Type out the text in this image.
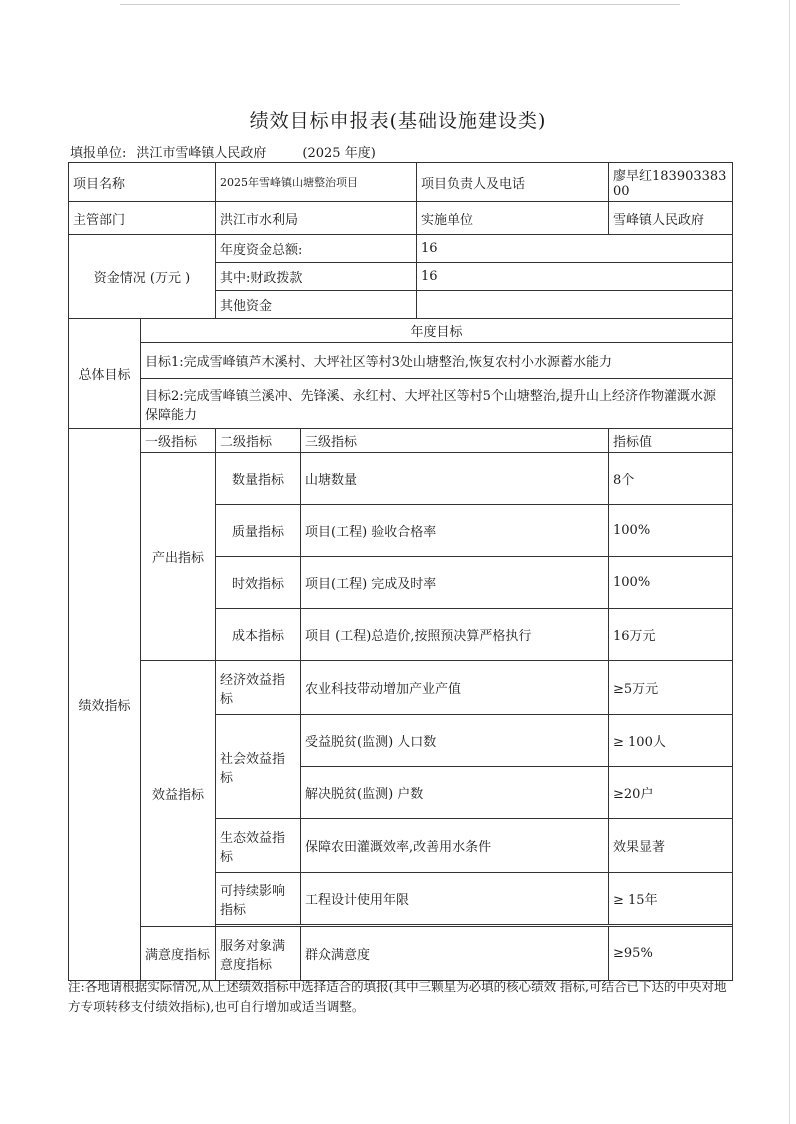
绩效目标申报表(基础设施建设类)
填报单位: 洪江市雪峰镇人民政府	(2025 年度)
项目名称		2025年雪峰镇山塘整治项目		项目负责人及电话	廖早红18390338300
主管部门		洪江市水利局		实施单位	雪峰镇人民政府
资金情况 (万元 )		年度资金总额:		16	
		其中:财政拨款		16	
		其他资金			
总体目标	年度目标				
	目标1:完成雪峰镇芦木溪村、大坪社区等村3处山塘整治,恢复农村小水源蓄水能力				
	目标2:完成雪峰镇兰溪冲、先锋溪、永红村、大坪社区等村5个山塘整治,提升山上经济作物灌溉水源保障能力				
绩效指标	一级指标	二级指标	三级指标		指标值
	产出指标	数量指标	山塘数量		8个
		质量指标	项目(工程) 验收合格率		100%
		时效指标	项目(工程) 完成及时率		100%
		成本指标	项目 (工程)总造价,按照预决算严格执行		16万元
	效益指标	经济效益指标	农业科技带动增加产业产值		≥5万元
		社会效益指标	受益脱贫(监测) 人口数		≥ 100人
			解决脱贫(监测) 户数		≥20户
		生态效益指标	保障农田灌溉效率,改善用水条件		效果显著
		可持续影响指标	工程设计使用年限		≥ 15年

	满意度指标	服务对象满意度指标	群众满意度		≥95%
注:各地请根据实际情况,从上述绩效指标中选择适合的填报(其中三颗星为必填的核心绩效 指标,可结合已下达的中央对地方专项转移支付绩效指标),也可自行增加或适当调整。
